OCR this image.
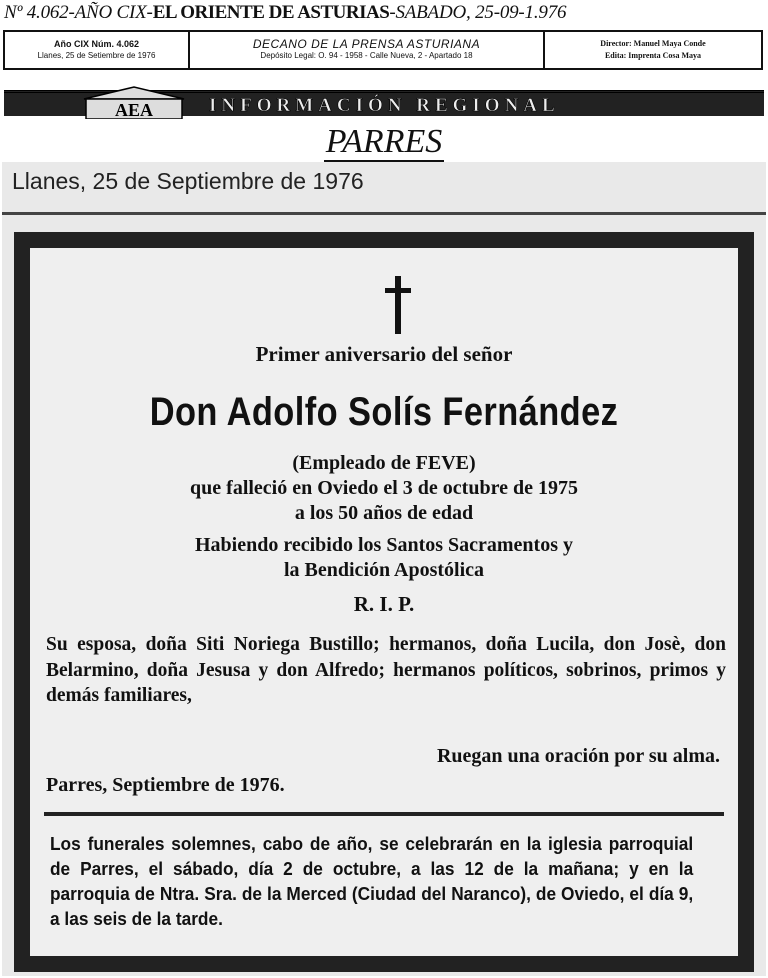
Nº 4.062-AÑO CIX-EL ORIENTE DE ASTURIAS-SABADO, 25-09-1.976
Año CIX Núm. 4.062
Llanes, 25 de Setiembre de 1976
DECANO DE LA PRENSA ASTURIANA
Depósito Legal: O. 94 - 1958 - Calle Nueva, 2 - Apartado 18
Director: Manuel Maya Conde
Edita: Imprenta Cosa Maya
AEA	INFORMACIÓN REGIONAL
PARRES
Llanes, 25 de Septiembre de 1976
Primer aniversario del señor
Don Adolfo Solís Fernández
(Empleado de FEVE)
que falleció en Oviedo el 3 de octubre de 1975
a los 50 años de edad
Habiendo recibido los Santos Sacramentos y
la Bendición Apostólica
R. I. P.
Su esposa, doña Siti Noriega Bustillo; hermanos, doña Lucila, don Josè, don Belarmino, doña Jesusa y don Alfredo; hermanos políticos, sobrinos, primos y demás familiares,
Ruegan una oración por su alma.
Parres, Septiembre de 1976.
Los funerales solemnes, cabo de año, se celebrarán en la iglesia parroquial de Parres, el sábado, día 2 de octubre, a las 12 de la mañana; y en la parroquia de Ntra. Sra. de la Merced (Ciudad del Naranco), de Oviedo, el día 9, a las seis de la tarde.
